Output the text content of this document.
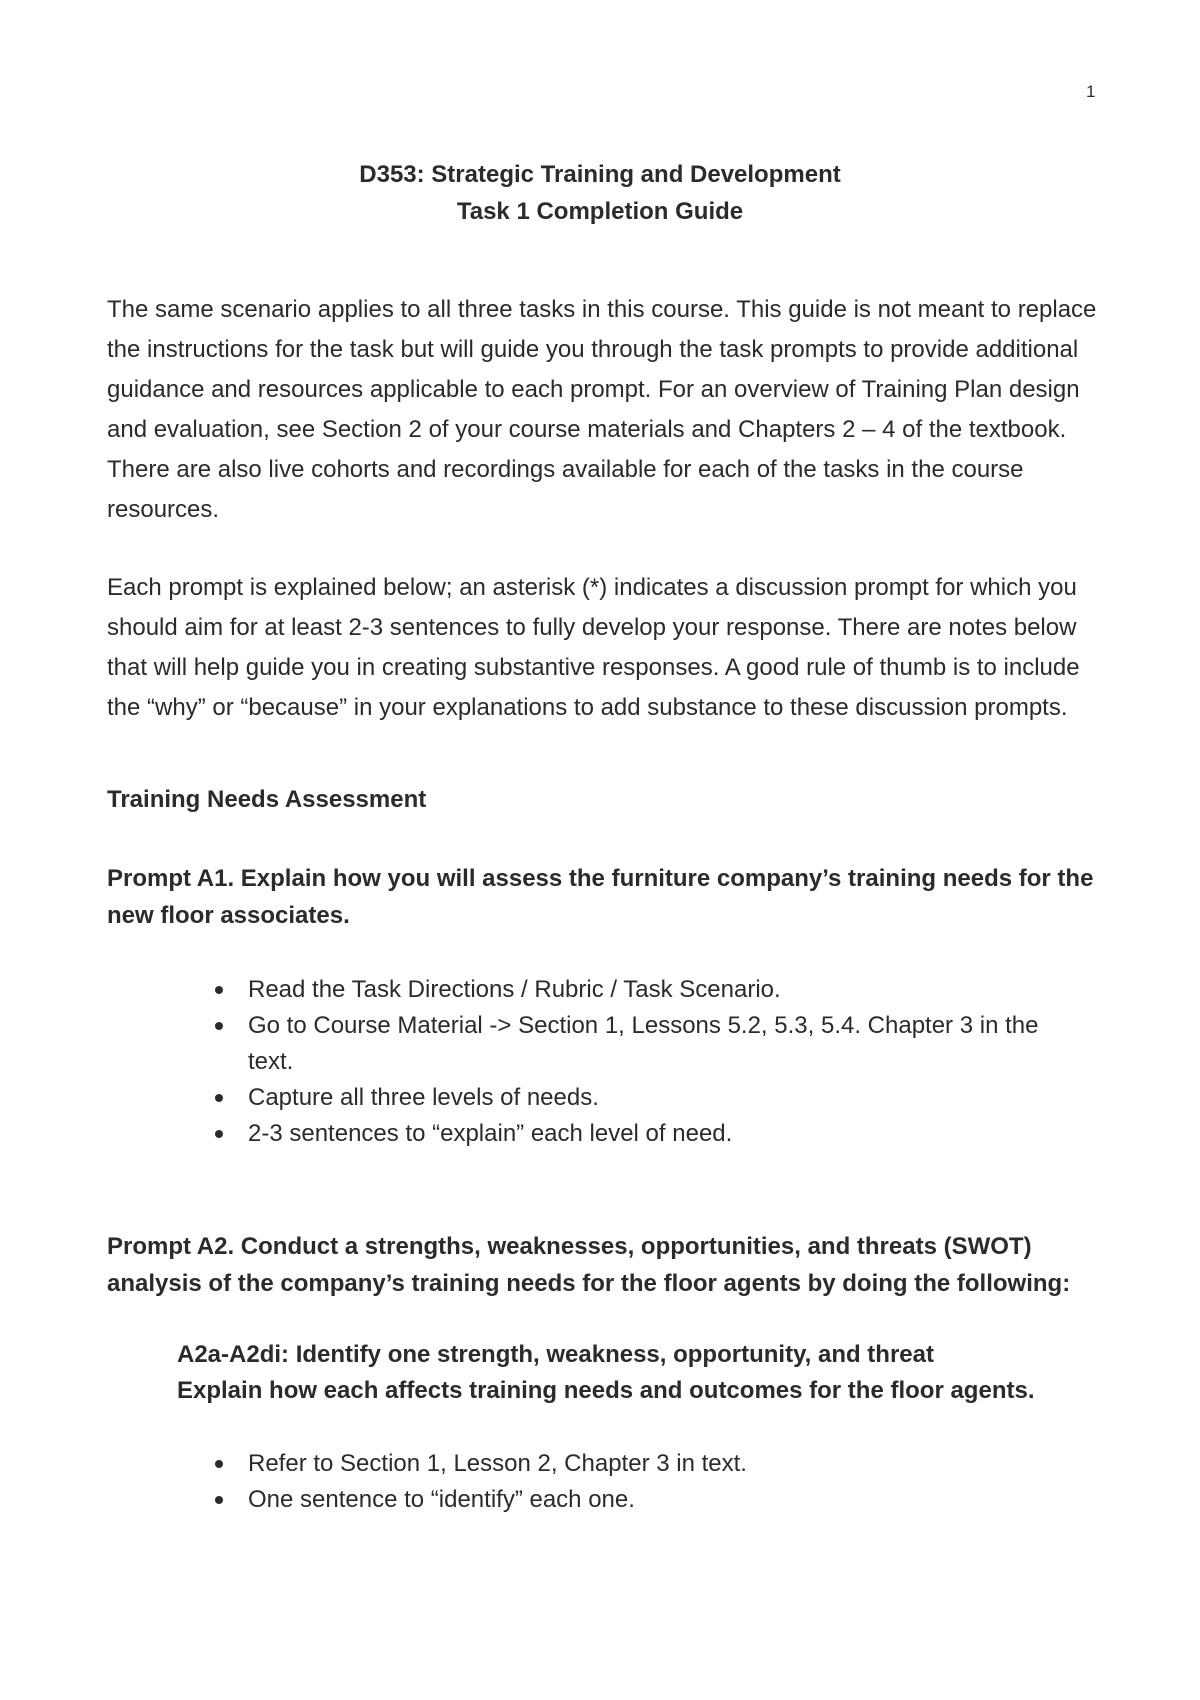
1
D353: Strategic Training and Development
Task 1 Completion Guide

The same scenario applies to all three tasks in this course. This guide is not meant to replace the instructions for the task but will guide you through the task prompts to provide additional guidance and resources applicable to each prompt. For an overview of Training Plan design and evaluation, see Section 2 of your course materials and Chapters 2 – 4 of the textbook. There are also live cohorts and recordings available for each of the tasks in the course resources.

Each prompt is explained below; an asterisk (*) indicates a discussion prompt for which you should aim for at least 2-3 sentences to fully develop your response. There are notes below that will help guide you in creating substantive responses. A good rule of thumb is to include the “why” or “because” in your explanations to add substance to these discussion prompts.

Training Needs Assessment

Prompt A1. Explain how you will assess the furniture company’s training needs for the new floor associates.

Read the Task Directions / Rubric / Task Scenario.
Go to Course Material -> Section 1, Lessons 5.2, 5.3, 5.4. Chapter 3 in the text.
Capture all three levels of needs.
2-3 sentences to “explain” each level of need.

Prompt A2. Conduct a strengths, weaknesses, opportunities, and threats (SWOT) analysis of the company’s training needs for the floor agents by doing the following:

A2a-A2di: Identify one strength, weakness, opportunity, and threat
Explain how each affects training needs and outcomes for the floor agents.
Refer to Section 1, Lesson 2, Chapter 3 in text.
One sentence to “identify” each one.
